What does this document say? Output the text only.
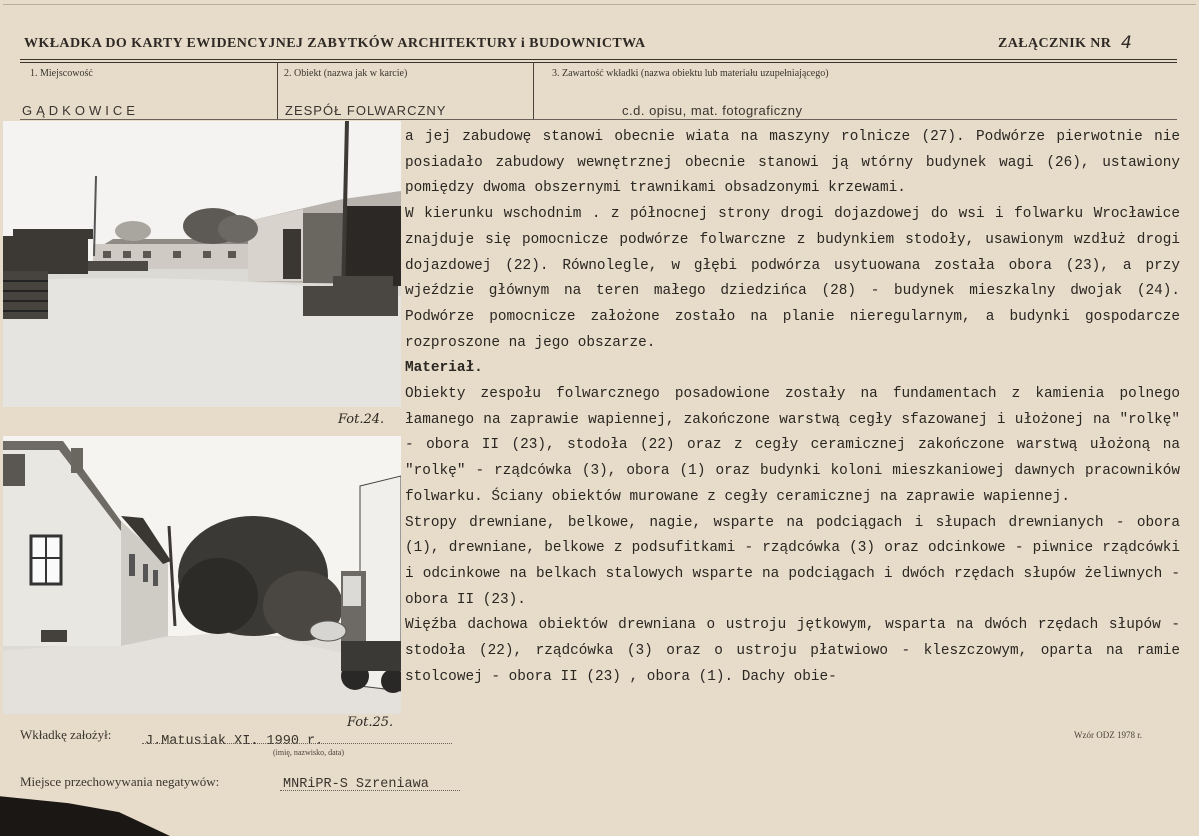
WKŁADKA DO KARTY EWIDENCYJNEJ ZABYTKÓW ARCHITEKTURY i BUDOWNICTWA	ZAŁĄCZNIK NR 4
1. Miejscowość	2. Obiekt (nazwa jak w karcie)	3. Zawartość wkładki (nazwa obiektu lub materiału uzupełniającego)
GĄDKOWICE	ZESPÓŁ FOLWARCZNY	c.d. opisu, mat. fotograficzny
Fot.24.
Fot.25.

a jej zabudowę stanowi obecnie wiata na maszyny rolnicze (27). Podwórze pierwotnie nie posiadało zabudowy wewnętrznej obecnie stanowi ją wtórny budynek wagi (26), ustawiony pomiędzy dwoma obszernymi trawnikami obsadzonymi krzewami.

W kierunku wschodnim . z północnej strony drogi dojazdowej do wsi i folwarku Wrocławice znajduje się pomocnicze podwórze folwarczne z budynkiem stodoły, usawionym wzdłuż drogi dojazdowej (22). Równolegle, w głębi podwórza usytuowana została obora (23), a przy wjeździe głównym na teren małego dziedzińca (28) - budynek mieszkalny dwojak (24). Podwórze pomocnicze założone zostało na planie nieregularnym, a budynki gospodarcze rozproszone na jego obszarze.

Materiał.

Obiekty zespołu folwarcznego posadowione zostały na fundamentach z kamienia polnego łamanego na zaprawie wapiennej, zakończone warstwą cegły sfazowanej i ułożonej na "rolkę" - obora II (23), stodoła (22) oraz z cegły ceramicznej zakończone warstwą ułożoną na "rolkę" - rządcówka (3), obora (1) oraz budynki koloni mieszkaniowej dawnych pracowników folwarku. Ściany obiektów murowane z cegły ceramicznej na zaprawie wapiennej.

Stropy drewniane, belkowe, nagie, wsparte na podciągach i słupach drewnianych - obora (1), drewniane, belkowe z podsufitkami - rządcówka (3) oraz odcinkowe - piwnice rządcówki i odcinkowe na belkach stalowych wsparte na podciągach i dwóch rzędach słupów żeliwnych - obora II (23).

Więźba dachowa obiektów drewniana o ustroju jętkowym, wsparta na dwóch rzędach słupów - stodoła (22), rządcówka (3) oraz o ustroju płatwiowo - kleszczowym, oparta na ramie stolcowej - obora II (23) , obora (1). Dachy obie-

Wkładkę założył: J.Matusiak XI. 1990 r.
(imię, nazwisko, data)
Wzór ODZ 1978 r.
Miejsce przechowywania negatywów:	MNRiPR-S Szreniawa
